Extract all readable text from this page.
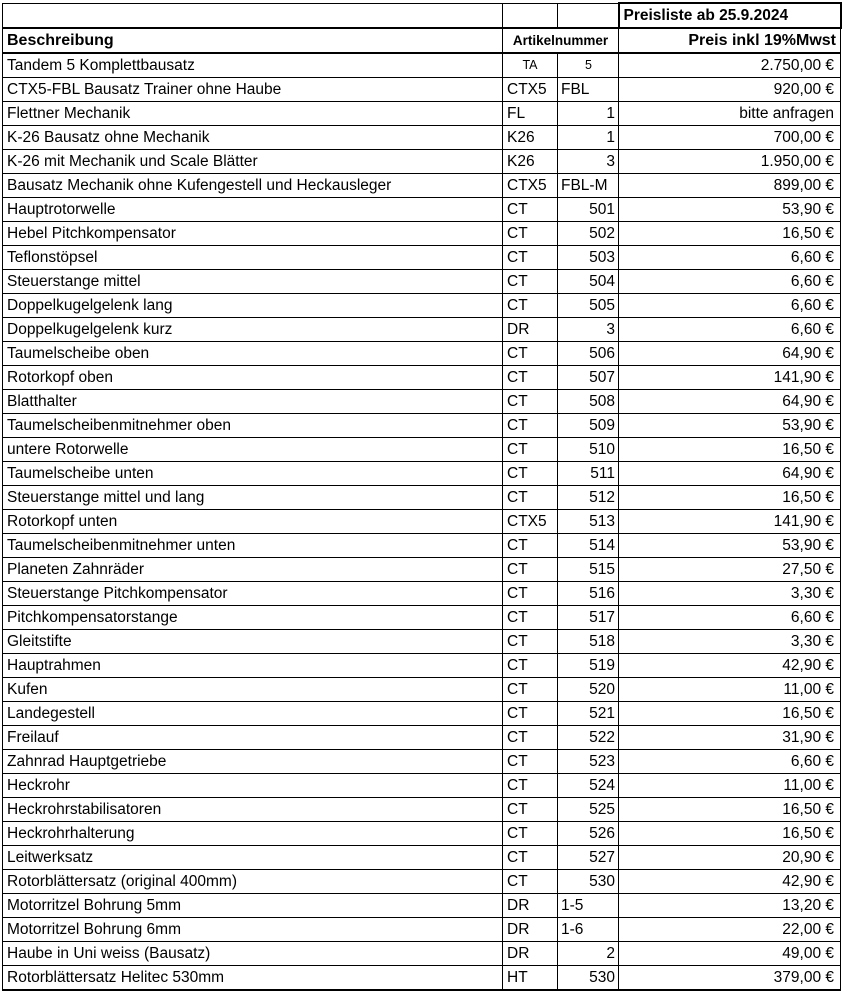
			Preisliste ab 25.9.2024
Beschreibung	Artikelnummer		Preis inkl 19%Mwst
Tandem 5 Komplettbausatz	TA	5	2.750,00 €
CTX5-FBL Bausatz Trainer ohne Haube	CTX5	FBL	920,00 €
Flettner Mechanik	FL	1	bitte anfragen
K-26 Bausatz ohne Mechanik	K26	1	700,00 €
K-26 mit Mechanik und Scale Blätter	K26	3	1.950,00 €
Bausatz Mechanik ohne Kufengestell und Heckausleger	CTX5	FBL-M	899,00 €
Hauptrotorwelle	CT	501	53,90 €
Hebel Pitchkompensator	CT	502	16,50 €
Teflonstöpsel	CT	503	6,60 €
Steuerstange mittel	CT	504	6,60 €
Doppelkugelgelenk lang	CT	505	6,60 €
Doppelkugelgelenk kurz	DR	3	6,60 €
Taumelscheibe oben	CT	506	64,90 €
Rotorkopf oben	CT	507	141,90 €
Blatthalter	CT	508	64,90 €
Taumelscheibenmitnehmer oben	CT	509	53,90 €
untere Rotorwelle	CT	510	16,50 €
Taumelscheibe unten	CT	511	64,90 €
Steuerstange mittel und lang	CT	512	16,50 €
Rotorkopf unten	CTX5	513	141,90 €
Taumelscheibenmitnehmer unten	CT	514	53,90 €
Planeten Zahnräder	CT	515	27,50 €
Steuerstange Pitchkompensator	CT	516	3,30 €
Pitchkompensatorstange	CT	517	6,60 €
Gleitstifte	CT	518	3,30 €
Hauptrahmen	CT	519	42,90 €
Kufen	CT	520	11,00 €
Landegestell	CT	521	16,50 €
Freilauf	CT	522	31,90 €
Zahnrad Hauptgetriebe	CT	523	6,60 €
Heckrohr	CT	524	11,00 €
Heckrohrstabilisatoren	CT	525	16,50 €
Heckrohrhalterung	CT	526	16,50 €
Leitwerksatz	CT	527	20,90 €
Rotorblättersatz (original 400mm)	CT	530	42,90 €
Motorritzel Bohrung 5mm	DR	1-5	13,20 €
Motorritzel Bohrung 6mm	DR	1-6	22,00 €
Haube in Uni weiss (Bausatz)	DR	2	49,00 €
Rotorblättersatz Helitec 530mm	HT	530	379,00 €
